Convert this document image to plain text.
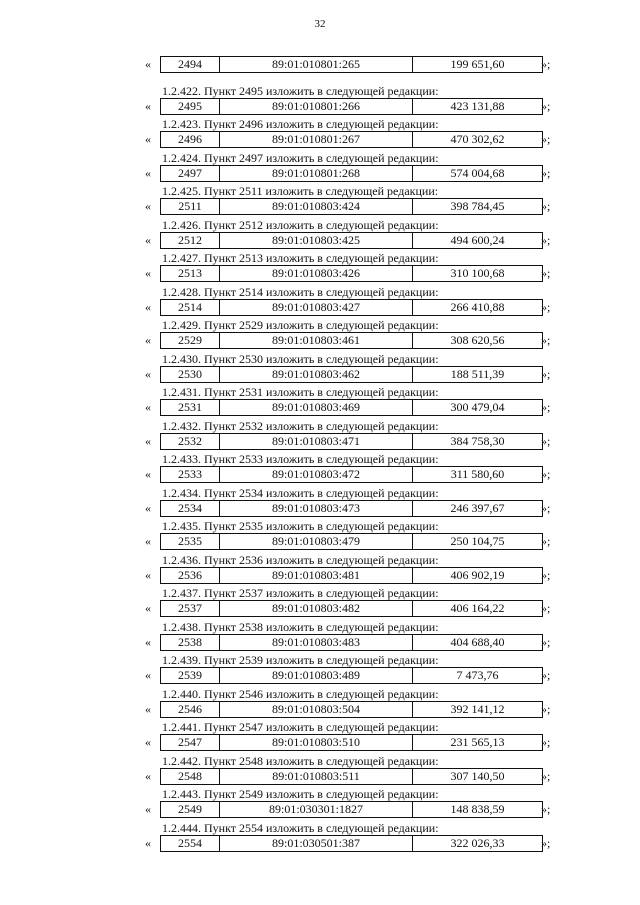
32
«	2494	89:01:010801:265	199 651,60	»;
1.2.422. Пункт 2495 изложить в следующей редакции:
«	2495	89:01:010801:266	423 131,88	»;
1.2.423. Пункт 2496 изложить в следующей редакции:
«	2496	89:01:010801:267	470 302,62	»;
1.2.424. Пункт 2497 изложить в следующей редакции:
«	2497	89:01:010801:268	574 004,68	»;
1.2.425. Пункт 2511 изложить в следующей редакции:
«	2511	89:01:010803:424	398 784,45	»;
1.2.426. Пункт 2512 изложить в следующей редакции:
«	2512	89:01:010803:425	494 600,24	»;
1.2.427. Пункт 2513 изложить в следующей редакции:
«	2513	89:01:010803:426	310 100,68	»;
1.2.428. Пункт 2514 изложить в следующей редакции:
«	2514	89:01:010803:427	266 410,88	»;
1.2.429. Пункт 2529 изложить в следующей редакции:
«	2529	89:01:010803:461	308 620,56	»;
1.2.430. Пункт 2530 изложить в следующей редакции:
«	2530	89:01:010803:462	188 511,39	»;
1.2.431. Пункт 2531 изложить в следующей редакции:
«	2531	89:01:010803:469	300 479,04	»;
1.2.432. Пункт 2532 изложить в следующей редакции:
«	2532	89:01:010803:471	384 758,30	»;
1.2.433. Пункт 2533 изложить в следующей редакции:
«	2533	89:01:010803:472	311 580,60	»;
1.2.434. Пункт 2534 изложить в следующей редакции:
«	2534	89:01:010803:473	246 397,67	»;
1.2.435. Пункт 2535 изложить в следующей редакции:
«	2535	89:01:010803:479	250 104,75	»;
1.2.436. Пункт 2536 изложить в следующей редакции:
«	2536	89:01:010803:481	406 902,19	»;
1.2.437. Пункт 2537 изложить в следующей редакции:
«	2537	89:01:010803:482	406 164,22	»;
1.2.438. Пункт 2538 изложить в следующей редакции:
«	2538	89:01:010803:483	404 688,40	»;
1.2.439. Пункт 2539 изложить в следующей редакции:
«	2539	89:01:010803:489	7 473,76	»;
1.2.440. Пункт 2546 изложить в следующей редакции:
«	2546	89:01:010803:504	392 141,12	»;
1.2.441. Пункт 2547 изложить в следующей редакции:
«	2547	89:01:010803:510	231 565,13	»;
1.2.442. Пункт 2548 изложить в следующей редакции:
«	2548	89:01:010803:511	307 140,50	»;
1.2.443. Пункт 2549 изложить в следующей редакции:
«	2549	89:01:030301:1827	148 838,59	»;
1.2.444. Пункт 2554 изложить в следующей редакции:
«	2554	89:01:030501:387	322 026,33	»;
